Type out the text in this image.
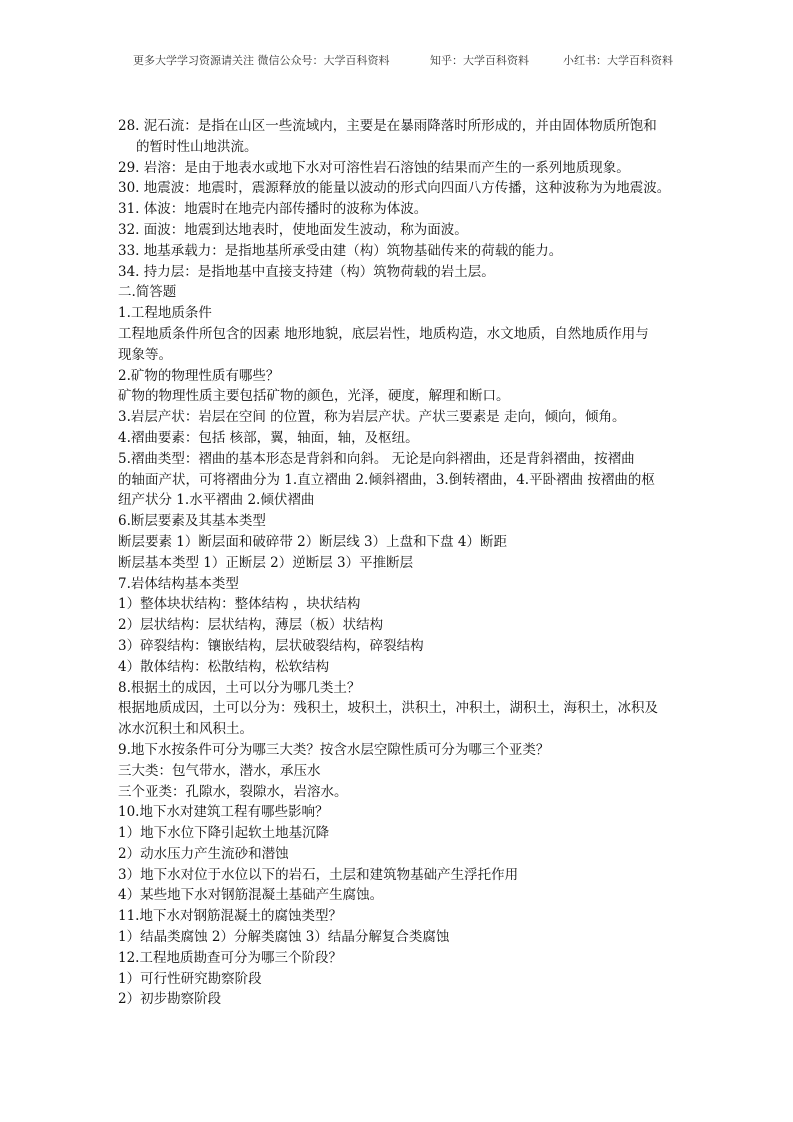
更多大学学习资源请关注 微信公众号：大学百科资料	知乎：大学百科资料	小红书：大学百科资料
28. 泥石流：是指在山区一些流域内，主要是在暴雨降落时所形成的，并由固体物质所饱和
的暂时性山地洪流。
29. 岩溶：是由于地表水或地下水对可溶性岩石溶蚀的结果而产生的一系列地质现象。
30. 地震波：地震时，震源释放的能量以波动的形式向四面八方传播，这种波称为为地震波。
31. 体波：地震时在地壳内部传播时的波称为体波。
32. 面波：地震到达地表时，使地面发生波动，称为面波。
33. 地基承载力：是指地基所承受由建（构）筑物基础传来的荷载的能力。
34. 持力层：是指地基中直接支持建（构）筑物荷载的岩土层。
二.简答题
1.工程地质条件
工程地质条件所包含的因素 地形地貌，底层岩性，地质构造，水文地质，自然地质作用与
现象等。
2.矿物的物理性质有哪些？
矿物的物理性质主要包括矿物的颜色，光泽，硬度，解理和断口。
3.岩层产状：岩层在空间 的位置，称为岩层产状。产状三要素是 走向，倾向，倾角。
4.褶曲要素：包括 核部，翼，轴面，轴，及枢纽。
5.褶曲类型：褶曲的基本形态是背斜和向斜。 无论是向斜褶曲，还是背斜褶曲，按褶曲
的轴面产状，可将褶曲分为 1.直立褶曲 2.倾斜褶曲，3.倒转褶曲，4.平卧褶曲 按褶曲的枢
纽产状分 1.水平褶曲 2.倾伏褶曲
6.断层要素及其基本类型
断层要素 1）断层面和破碎带 2）断层线 3）上盘和下盘 4）断距
断层基本类型 1）正断层 2）逆断层 3）平推断层
7.岩体结构基本类型
1）整体块状结构：整体结构 ，块状结构
2）层状结构：层状结构，薄层（板）状结构
3）碎裂结构：镶嵌结构，层状破裂结构，碎裂结构
4）散体结构：松散结构，松软结构
8.根据土的成因，土可以分为哪几类土？
根据地质成因，土可以分为：残积土，坡积土，洪积土，冲积土，湖积土，海积土，冰积及
冰水沉积土和风积土。
9.地下水按条件可分为哪三大类？按含水层空隙性质可分为哪三个亚类？
三大类：包气带水，潜水，承压水
三个亚类：孔隙水，裂隙水，岩溶水。
10.地下水对建筑工程有哪些影响？
1）地下水位下降引起软土地基沉降
2）动水压力产生流砂和潜蚀
3）地下水对位于水位以下的岩石，土层和建筑物基础产生浮托作用
4）某些地下水对钢筋混凝土基础产生腐蚀。
11.地下水对钢筋混凝土的腐蚀类型？
1）结晶类腐蚀 2）分解类腐蚀 3）结晶分解复合类腐蚀
12.工程地质勘查可分为哪三个阶段？
1）可行性研究勘察阶段
2）初步勘察阶段
